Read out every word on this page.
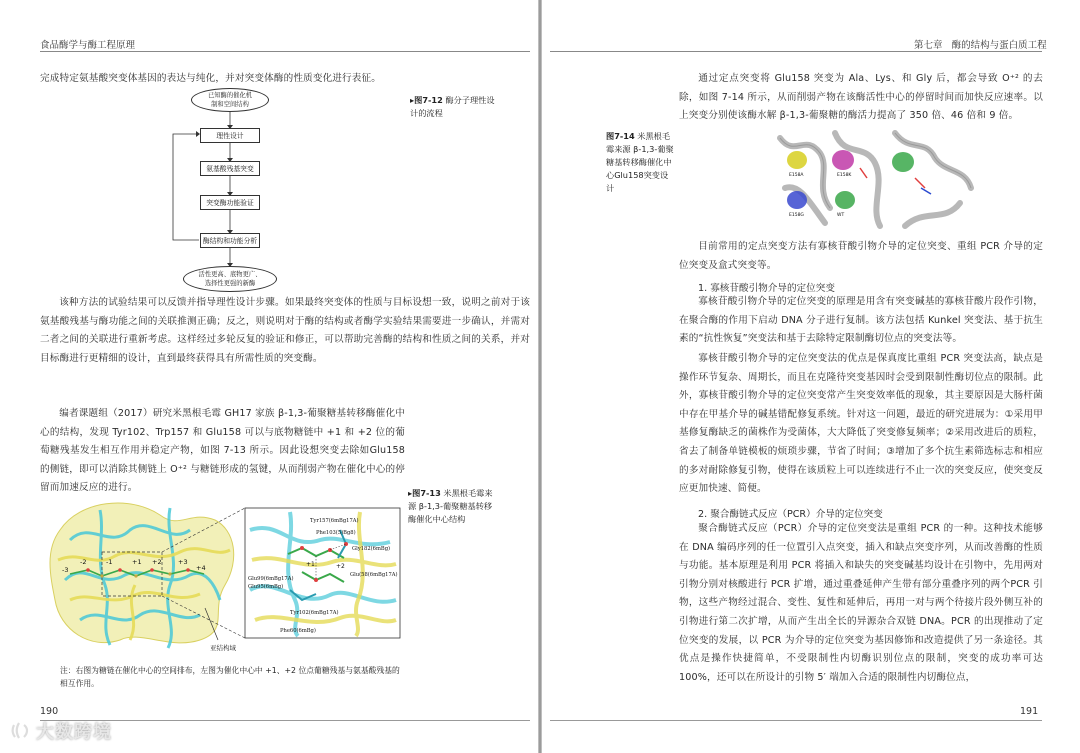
食品酶学与酶工程原理

完成特定氨基酸突变体基因的表达与纯化，并对突变体酶的性质变化进行表征。

已知酶的催化机制和空间结构
理性设计
氨基酸残基突变
突变酶功能验证
酶结构和功能分析
活性更高、底物更广、选择性更强的新酶
▸图7-12 酶分子理性设计的流程

该种方法的试验结果可以反馈并指导理性设计步骤。如果最终突变体的性质与目标设想一致，说明之前对于该氨基酸残基与酶功能之间的关联推测正确；反之，则说明对于酶的结构或者酶学实验结果需要进一步确认，并需对二者之间的关联进行重新考虑。这样经过多轮反复的验证和修正，可以帮助完善酶的结构和性质之间的关系，并对目标酶进行更精细的设计，直到最终获得具有所需性质的突变酶。

编者课题组（2017）研究米黑根毛霉 GH17 家族 β-1,3-葡聚糖基转移酶催化中心的结构，发现 Tyr102、Trp157 和 Glu158 可以与底物糖链中 +1 和 +2 位的葡萄糖残基发生相互作用并稳定产物，如图 7-13 所示。因此设想突变去除如Glu158 的侧链，即可以消除其侧链上 O⁺² 与糖链形成的氢键，从而削弱产物在催化中心的停留而加速反应的进行。	▸图7-13 米黑根毛霉来源 β-1,3-葡聚糖基转移酶催化中心结构
-3
-2	-1	+1 +2	+3
+4
亚结构域
Tyr157(6mBg17A)
Phe103(5)Bg8)
Gly182(6mBg)
Glu99(6mBg17A)
Glu(58(6mBg17A)
Glu95(6mBg)
Tyr102(6mBg17A)
Phe60(6mBg)
+1	+2

注：右图为糖链在催化中心的空间排布，左图为催化中心中 +1、+2 位点葡糖残基与氨基酸残基的相互作用。

190
大数跨境
第七章 酶的结构与蛋白质工程

通过定点突变将 Glu158 突变为 Ala、Lys、和 Gly 后，都会导致 O⁺² 的去除，如图 7-14 所示，从而削弱产物在该酶活性中心的停留时间而加快反应速率。以上突变分别使该酶水解 β-1,3-葡聚糖的酶活力提高了 350 倍、46 倍和 9 倍。

图7-14 米黑根毛霉来源 β-1,3-葡聚糖基转移酶催化中心Glu158突变设计
E158A	E158K
E158G	WT

目前常用的定点突变方法有寡核苷酸引物介导的定位突变、重组 PCR 介导的定位突变及盒式突变等。

1. 寡核苷酸引物介导的定位突变

寡核苷酸引物介导的定位突变的原理是用含有突变碱基的寡核苷酸片段作引物，在聚合酶的作用下启动 DNA 分子进行复制。该方法包括 Kunkel 突变法、基于抗生素的“抗性恢复”突变法和基于去除特定限制酶切位点的突变法等。

寡核苷酸引物介导的定位突变法的优点是保真度比重组 PCR 突变法高，缺点是操作环节复杂、周期长，而且在克隆待突变基因时会受到限制性酶切位点的限制。此外，寡核苷酸引物介导的定位突变常产生突变效率低的现象，其主要原因是大肠杆菌中存在甲基介导的碱基错配修复系统。针对这一问题，最近的研究进展为：①采用甲基修复酶缺乏的菌株作为受菌体，大大降低了突变修复频率；②采用改进后的质粒，省去了制备单链模板的烦琐步骤，节省了时间；③增加了多个抗生素筛选标志和相应的多对耐除修复引物，使得在该质粒上可以连续进行不止一次的突变反应，使突变反应更加快速、简便。

2. 聚合酶链式反应（PCR）介导的定位突变

聚合酶链式反应（PCR）介导的定位突变法是重组 PCR 的一种。这种技术能够在 DNA 编码序列的任一位置引入点突变，插入和缺点突变序列，从而改善酶的性质与功能。基本原理是利用 PCR 将插入和缺失的突变碱基均设计在引物中，先用两对引物分别对核酸进行 PCR 扩增，通过重叠延伸产生带有部分重叠序列的两个PCR 引物，这些产物经过混合、变性、复性和延伸后，再用一对与两个待接片段外侧互补的引物进行第二次扩增，从而产生出全长的异源杂合双链 DNA。PCR 的出现推动了定位突变的发展，以 PCR 为介导的定位突变为基因修饰和改造提供了另一条途径。其优点是操作快捷简单，不受限制性内切酶识别位点的限制，突变的成功率可达 100%，还可以在所设计的引物 5′ 端加入合适的限制性内切酶位点，

191
